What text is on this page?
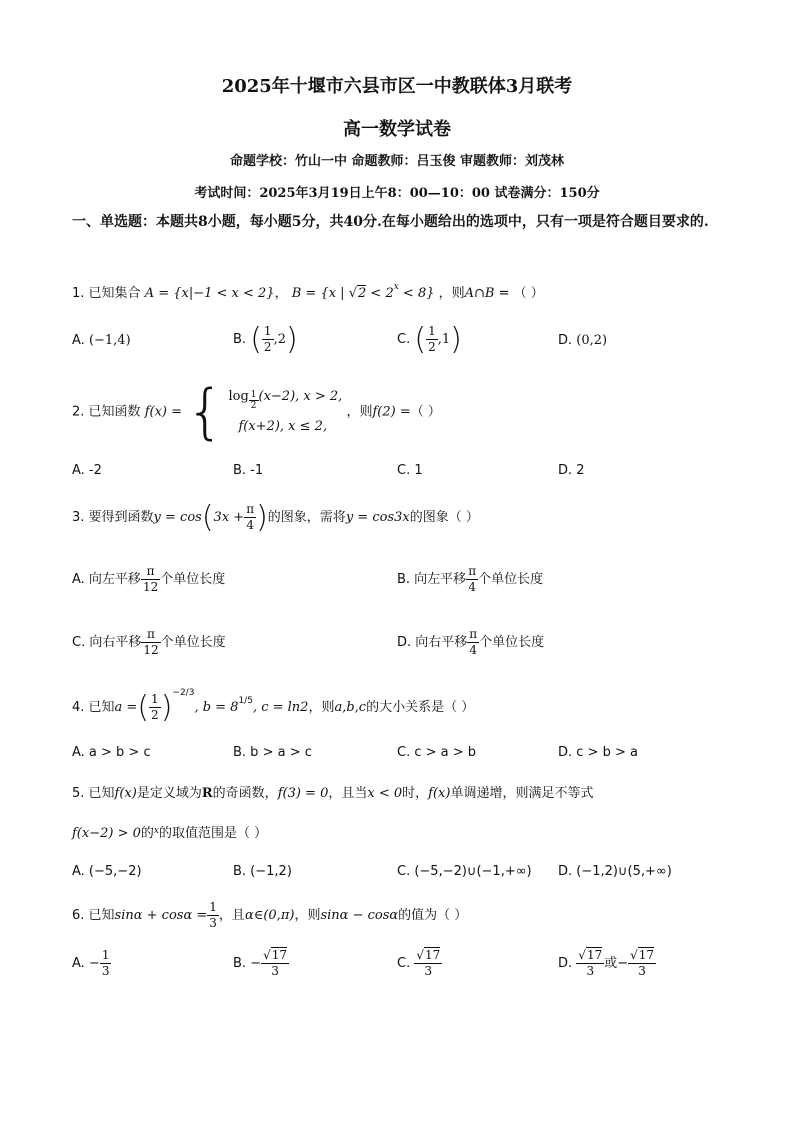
2025年十堰市六县市区一中教联体3月联考
高一数学试卷
命题学校：竹山一中 命题教师：吕玉俊 审题教师：刘茂林
考试时间：2025年3月19日上午8：00—10：00 试卷满分：150分
一、单选题：本题共8小题，每小题5分，共40分.在每小题给出的选项中，只有一项是符合题目要求的.
1. 已知集合 A = {x|−1 < x < 2}， B = {x | $√2 < 2^x < 8$} ，则A∩B = （ ）
A. (−1,4)	B. ( $\frac{1}{2} ,2$)	C. ( $\frac{1}{2} ,1$)	D. (0,2)
2. 已知函数 f(x) = { $\log \frac{1}{2} (x-2)$, x > 2,
f(x+2), x ≤ 2,
，则f(2) =（ ）
A. -2	B. -1	C. 1	D. 2
3. 要得到函数$y = \cos(3x + \frac{\pi}{4}$ )的图象，需将y = cos3x的图象（ ）
A. 向左平移 $\frac{\pi}{12}$ 个单位长度	B. 向左平移 $\frac{\pi}{4}$ 个单位长度
C. 向右平移 $\frac{\pi}{12}$ 个单位长度	D. 向右平移 $\frac{\pi}{4}$ 个单位长度
4. 已知a =( $\frac{1}{2} )^{-2/3}$, $b = 8^{1/5}$, c = ln2，则a,b,c的大小关系是（ ）
A. a > b > c	B. b > a > c	C. c > a > b	D. c > b > a
5. 已知f(x)是定义域为R的奇函数，f(3) = 0，且当x < 0时，f(x)单调递增，则满足不等式
f(x−2) > 0的$^x$的取值范围是（ ）
A. (−5,−2)	B. (−1,2)	C. (−5,−2)∪(−1,+∞) D. (−1,2)∪(5,+∞)
6. 已知$\sin\alpha + \cos\alpha = \frac{1}{3}$ ，且α∈(0,π)，则sinα − cosα的值为（ ）
A. − $\frac{1}{3}$	B. − $\frac{√17}{3}$	C. $\frac{√17}{3}$	D. $\frac{√17}{3}$ 或− $\frac{√17}{3}$
